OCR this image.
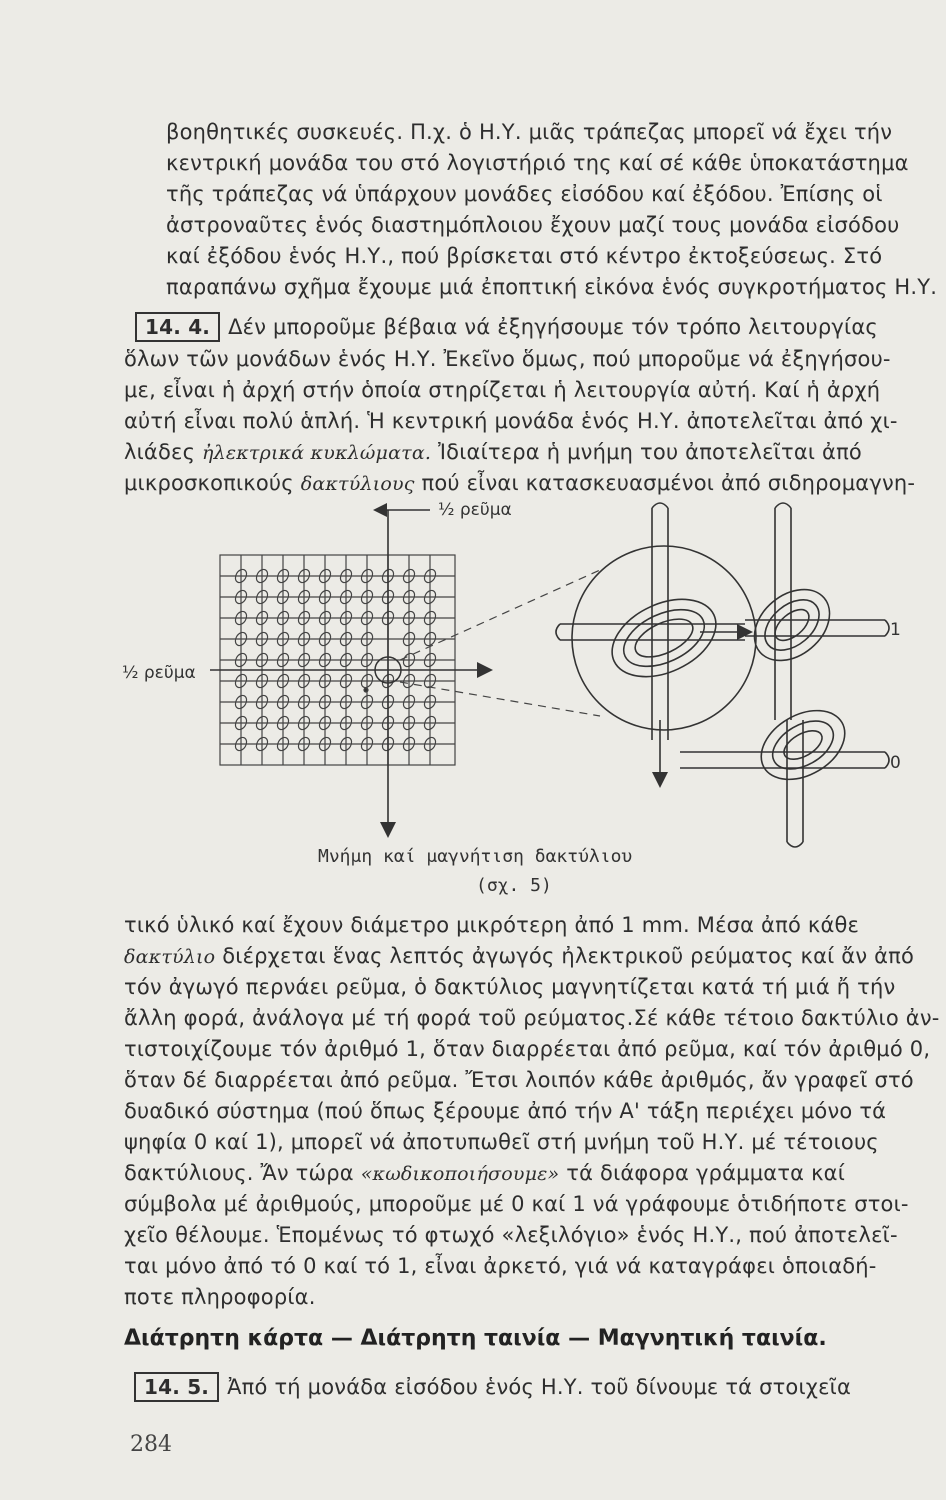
βοηθητικές συσκευές. Π.χ. ὁ Η.Υ. μιᾶς τράπεζας μπορεῖ νά ἔχει τήν
κεντρική μονάδα του στό λογιστήριό της καί σέ κάθε ὑποκατάστημα
τῆς τράπεζας νά ὑπάρχουν μονάδες εἰσόδου καί ἐξόδου. Ἐπίσης οἱ
ἀστροναῦτες ἑνός διαστημόπλοιου ἔχουν μαζί τους μονάδα εἰσόδου
καί ἐξόδου ἑνός Η.Υ., πού βρίσκεται στό κέντρο ἐκτοξεύσεως. Στό
παραπάνω σχῆμα ἔχουμε μιά ἐποπτική εἰκόνα ἑνός συγκροτήματος Η.Υ.
14. 4. Δέν μποροῦμε βέβαια νά ἐξηγήσουμε τόν τρόπο λειτουργίας
ὅλων τῶν μονάδων ἑνός Η.Υ. Ἐκεῖνο ὅμως, πού μποροῦμε νά ἐξηγήσου-
με, εἶναι ἡ ἀρχή στήν ὁποία στηρίζεται ἡ λειτουργία αὐτή. Καί ἡ ἀρχή
αὐτή εἶναι πολύ ἁπλή. Ἡ κεντρική μονάδα ἑνός Η.Υ. ἀποτελεῖται ἀπό χι-
λιάδες ἠλεκτρικά κυκλώματα. Ἰδιαίτερα ἡ μνήμη του ἀποτελεῖται ἀπό
μικροσκοπικούς δακτύλιους πού εἶναι κατασκευασμένοι ἀπό σιδηρομαγνη-
½ ρεῦμα
½ ρεῦμα
1
0
Μνήμη καί μαγνήτιση δακτύλιου
(σχ. 5)
τικό ὑλικό καί ἔχουν διάμετρο μικρότερη ἀπό 1 mm. Μέσα ἀπό κάθε
δακτύλιο διέρχεται ἕνας λεπτός ἀγωγός ἠλεκτρικοῦ ρεύματος καί ἄν ἀπό
τόν ἀγωγό περνάει ρεῦμα, ὁ δακτύλιος μαγνητίζεται κατά τή μιά ἤ τήν
ἄλλη φορά, ἀνάλογα μέ τή φορά τοῦ ρεύματος.Σέ κάθε τέτοιο δακτύλιο ἀν-
τιστοιχίζουμε τόν ἀριθμό 1, ὅταν διαρρέεται ἀπό ρεῦμα, καί τόν ἀριθμό 0,
ὅταν δέ διαρρέεται ἀπό ρεῦμα. Ἔτσι λοιπόν κάθε ἀριθμός, ἄν γραφεῖ στό
δυαδικό σύστημα (πού ὅπως ξέρουμε ἀπό τήν Α' τάξη περιέχει μόνο τά
ψηφία 0 καί 1), μπορεῖ νά ἀποτυπωθεῖ στή μνήμη τοῦ Η.Υ. μέ τέτοιους
δακτύλιους. Ἄν τώρα «κωδικοποιήσουμε» τά διάφορα γράμματα καί
σύμβολα μέ ἀριθμούς, μποροῦμε μέ 0 καί 1 νά γράφουμε ὁτιδήποτε στοι-
χεῖο θέλουμε. Ἑπομένως τό φτωχό «λεξιλόγιο» ἑνός Η.Υ., πού ἀποτελεῖ-
ται μόνο ἀπό τό 0 καί τό 1, εἶναι ἀρκετό, γιά νά καταγράφει ὁποιαδή-
ποτε πληροφορία.
Διάτρητη κάρτα — Διάτρητη ταινία — Μαγνητική ταινία.
14. 5. Ἀπό τή μονάδα εἰσόδου ἑνός Η.Υ. τοῦ δίνουμε τά στοιχεῖα
284
